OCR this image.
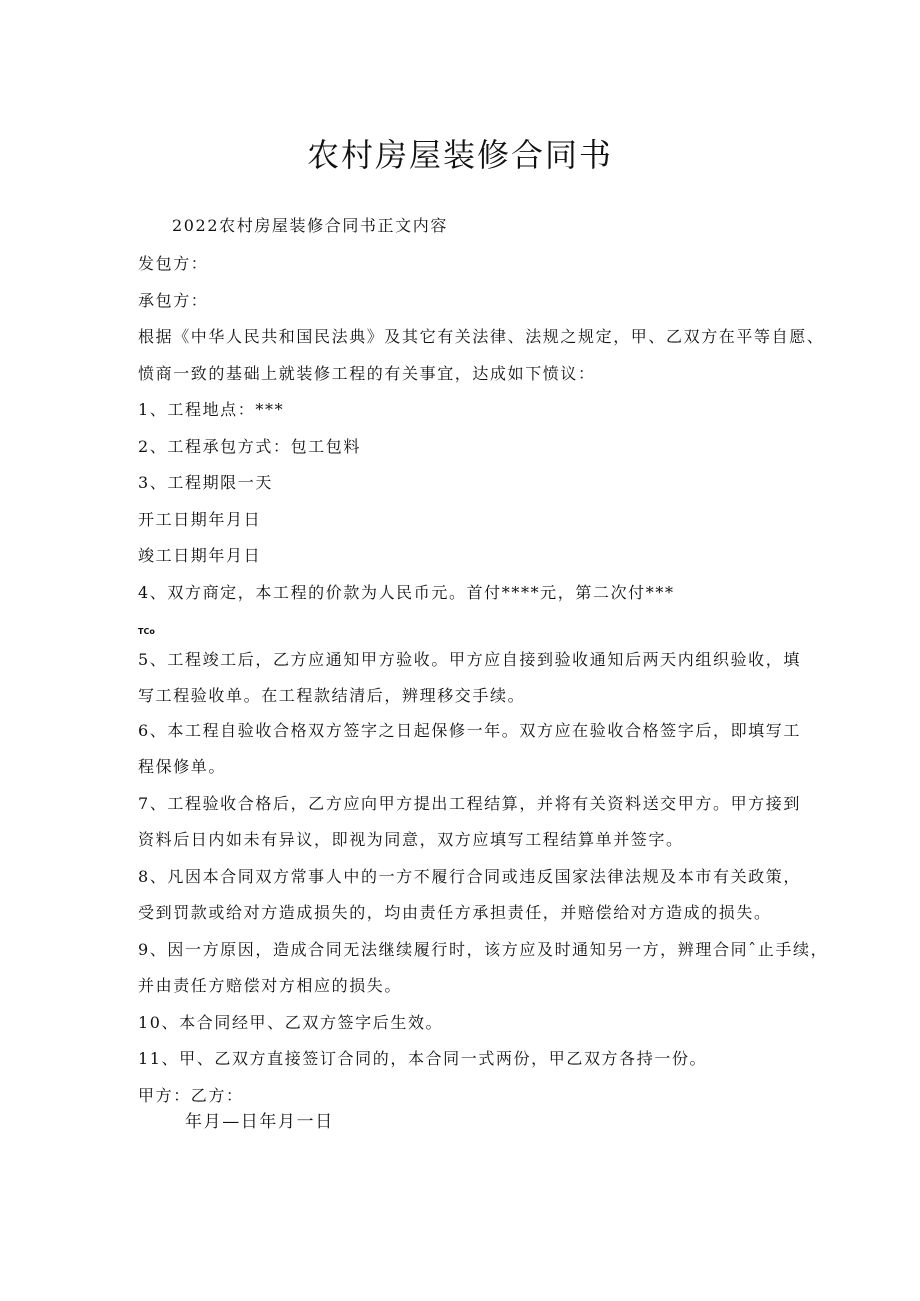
农村房屋装修合同书
2022农村房屋装修合同书正文内容
发包方：
承包方：
根据《中华人民共和国民法典》及其它有关法律、法规之规定，甲、乙双方在平等自愿、
愤商一致的基础上就装修工程的有关事宜，达成如下愤议：
1、工程地点：***
2、工程承包方式：包工包料
3、工程期限一天
开工日期年月日
竣工日期年月日
4、双方商定，本工程的价款为人民币元。首付****元，第二次付***
TCo
5、工程竣工后，乙方应通知甲方验收。甲方应自接到验收通知后两天内组织验收，填
写工程验收单。在工程款结清后，辨理移交手续。
6、本工程自验收合格双方签字之日起保修一年。双方应在验收合格签字后，即填写工
程保修单。
7、工程验收合格后，乙方应向甲方提出工程结算，并将有关资料送交甲方。甲方接到
资料后日内如未有异议，即视为同意，双方应填写工程结算单并签字。
8、凡因本合同双方常事人中的一方不履行合同或违反国家法律法规及本市有关政策，
受到罚款或给对方造成损失的，均由责任方承担责任，并赔偿给对方造成的损失。
9、因一方原因，造成合同无法继续履行时，该方应及时通知另一方，辨理合同ˆ止手续，
并由责任方赔偿对方相应的损失。
10、本合同经甲、乙双方签字后生效。
11、甲、乙双方直接签订合同的，本合同一式两份，甲乙双方各持一份。
甲方：乙方：
年月—日年月一日
